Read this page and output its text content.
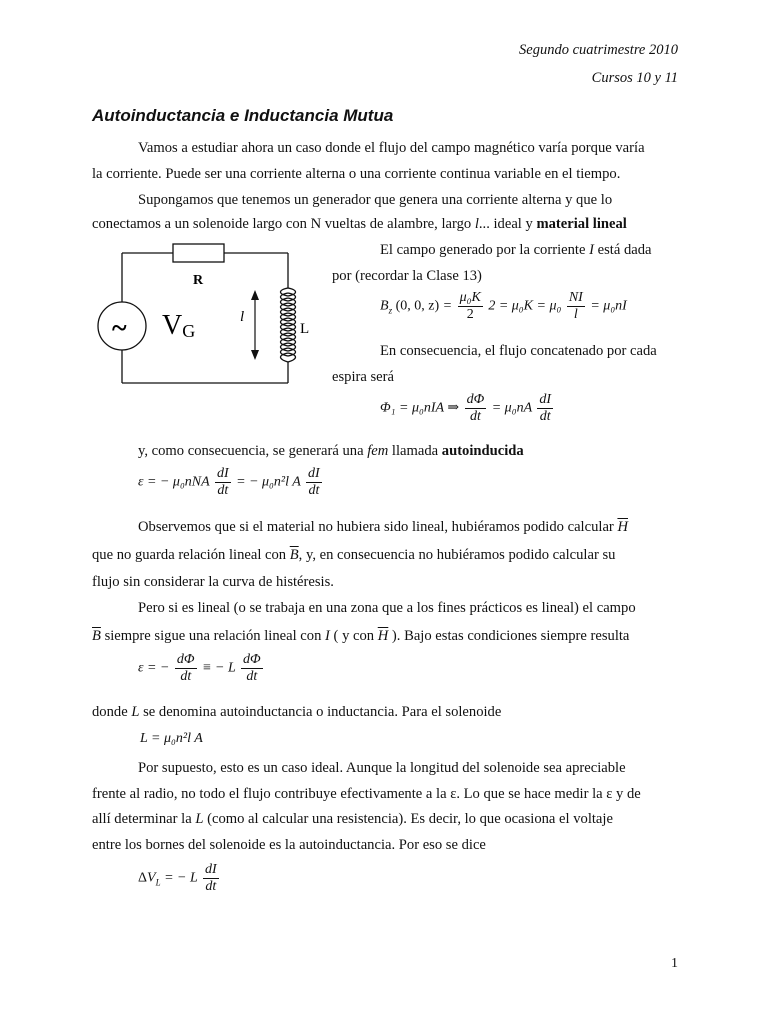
Segundo cuatrimestre 2010
Cursos 10 y 11
Autoinductancia e Inductancia Mutua
Vamos a estudiar ahora un caso donde el flujo del campo magnético varía porque varía
la corriente. Puede ser una corriente alterna o una corriente continua variable en el tiempo.
Supongamos que tenemos un generador que genera una corriente alterna y que lo
conectamos a un solenoide largo con N vueltas de alambre, largo l... ideal y material lineal
R
~ VG
l
L
El campo generado por la corriente I está dada
por (recordar la Clase 13)
$B_z$ (0, 0, $z) = \frac{\text{μ₀K}}{2} 2 = \mu_0K = \mu_0 \frac{NI}{l} = \mu_0nI$
En consecuencia, el flujo concatenado por cada
espira será
Φ₁ = μ₀nIA ⇒ $\frac{d\Phi}{dt} = \mu_0nA \frac{dI}{dt}$
y, como consecuencia, se generará una fem llamada autoinducida
ε = − $\mu_0nNA \frac{dI}{dt}$ = − μ₀n²l A $\frac{dI}{dt}$
Observemos que si el material no hubiera sido lineal, hubiéramos podido calcular $\overline{H}$
que no guarda relación lineal con $\overline{B}$, y, en consecuencia no hubiéramos podido calcular su
flujo sin considerar la curva de histéresis.
Pero si es lineal (o se trabaja en una zona que a los fines prácticos es lineal) el campo
$\overline{B}$ siempre sigue una relación lineal con I ( y con $\overline{H}$ ). Bajo estas condiciones siempre resulta
ε = − $\frac{d\Phi}{dt}$ ≡ − L $\frac{d\Phi}{dt}$
donde L se denomina autoinductancia o inductancia. Para el solenoide
L = μ₀n²l A
Por supuesto, esto es un caso ideal. Aunque la longitud del solenoide sea apreciable
frente al radio, no todo el flujo contribuye efectivamente a la ε. Lo que se hace medir la ε y de
allí determinar la L (como al calcular una resistencia). Es decir, lo que ocasiona el voltaje
entre los bornes del solenoide es la autoinductancia. Por eso se dice
$\Delta V_L$ = − L $\frac{dI}{dt}$
1
